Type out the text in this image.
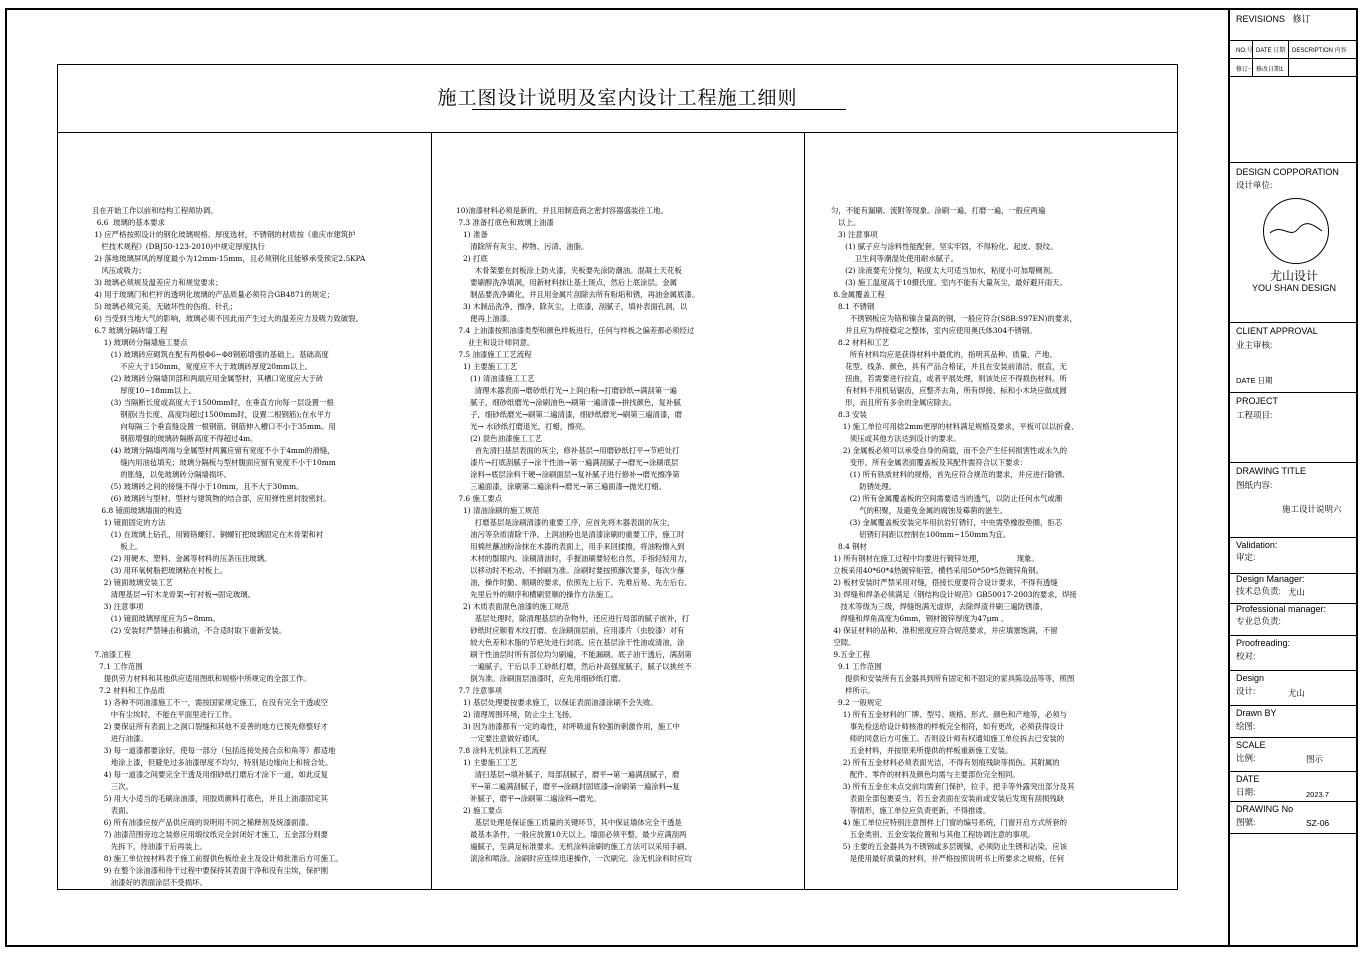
施工图设计说明及室内设计工程施工细则
且在开始工作以前和结构工程师协调。
6.6  玻璃的基本要求
1) 应严格按照设计的钢化玻璃规格、厚度选材，不锈钢的材质按《重庆市建筑护
栏技术规程》(DBJ50-123-2010)中规定厚度执行
2) 落地玻璃屏风的厚度最小为12mm-15mm，且必须钢化且能够承受预定2.5KPA
风压或吸力；
3) 玻璃必须规及温差应力和规觉要求；
4) 用于玻璃门和栏杆的透明化玻璃的产品质量必须符合GB4871的规定；
5) 玻璃必须完美，无破坏性的伤痕、针孔；
6) 当受到当地大气的影响，玻璃必须不因此而产生过大的温差应力及吸力致破裂。
6.7 玻璃分隔砖墙工程
1) 玻璃砖分隔墙施工要点
(1) 玻璃砖应砌筑在配有两根Φ6~Φ8钢筋增强的基础上。基础高度
不应大于150mm，宽度应不大于玻璃砖厚度20mm以上。
(2) 玻璃砖分隔墙顶部和两端应用金属型材，其槽口宽度应大于砖
厚度10~18mm以上。
(3) 当隔断长度或高度大于1500mm时，在垂直方向每一层设置一根
钢筋(当长度、高度均超过1500mm时，设置二根钢筋);在水平方
向每隔三个垂直缝设置一根钢筋。钢筋伸入槽口不小于35mm。用
钢筋增强的玻璃砖隔断高度不得超过4m。
(4) 玻璃分隔墙两端与金属型材两翼应留有宽度不小于4mm的滑缝，
缝内用油毡填充；玻璃分隔板与型材腹面应留有宽度不小于10mm
的胀缝，以免玻璃砖分隔墙损坏。
(5) 玻璃砖之间的接缝不得小于10mm，且不大于30mm。
(6) 玻璃砖与型材、型材与建筑物的结合部，应用弹性密封胶密封。
6.8 镜面玻璃墙面的构造
1) 镜面固定的方法
(1) 在玻璃上钻孔，用镀铬螺钉、铜螺钉把玻璃固定在木骨架和衬
板上。
(2) 用硬木、塑料、金属等材料的压条压住玻璃。
(3) 用环氧树脂把玻璃粘在衬板上。
2) 镜面玻璃安装工艺
清理基层→钉木龙骨架→钉衬板→固定玻璃。
3) 注意事项
(1) 镜面玻璃厚度应为5~8mm。
(2) 安装时严禁锤击和撬动，不合适时取下重新安装。

7.油漆工程
7.1 工作范围
提供劳力材料和其他供应适用图纸和规格中所规定的全部工作。
7.2 材料和工作品质
1) 各种不同油漆施工不一，需按国家规定施工，在没有完全干透或空
中有尘埃时，不能在平面里进行工作。
2) 要保证所有表面上之洞口裂缝和其他不妥善的地方已预先修整好才
进行油漆。
3) 每一道漆都要涂好，使每一部分（包括连接处接合点和角等）都适地
地涂上漆，但避免过多油漆厚度不均匀，特别是边缘向上和接合处。
4) 每一道漆之间要完全干透及用细砂纸打磨后才涂下一道，如此反复
三次。
5) 用大小适当的毛刷涂油漆，用胶质颜料打底色，并且上油漆固定其
表面。
6) 所有油漆应按产品供应商的说明用不同之稀释剂及统漆面漆。
7) 油漆范围旁边之装修应用缎纹纸完全封闭好才施工，五金部分则要
先拆下，待油漆干后再装上。
8) 施工单位按材料表于施工前提供色板给业主及设计师批准后方可施工。
9) 在整个涂油漆和待干过程中要保持其表面干净和没有尘埃，保护刚
油漆好的表面涂层不受损坏。
10)油漆材料必须是新的，并且用制造商之密封容器盛装往工地。
7.3 准备打底色和玻璃上油漆
1) 准备
清除所有灰尘、秽物、污渍、油脂。
2) 打底
木骨架要在封板涂上防火漆，夹板要先涂防潮油。混凝土天花板
要刷醇洗净填洞，用新材料抹让基土斑点，然后上底涂层。金属
制品要洗净磷化，并且用金属片刮除去所有粉垢和锈，再油金属底漆。
3) 木制品洗净，擦净，除灰尘，上底漆，刮腻子，填补表面孔洞，以
便再上油漆。
7.4 上油漆按照油漆类型和颜色样板进行，任何与样板之偏差都必须经过
业主和设计师同意。
7.5 油漆施工工艺流程
1) 主要施工工艺
(1) 清油漆施工工艺
清理木器表面→磨砂纸打光→上润白粉→打磨砂纸→满刮第一遍
腻子，细砂纸磨光→涂刷油色→刷第一遍清漆→拼找颜色，复补腻
子，细砂纸磨光→刷第二遍清漆，细砂纸磨光→刷第三遍清漆，磨
光→ 水砂纸打磨退光，打蜡，擦亮。
(2) 混色油漆施工工艺
首先清扫基层表面的灰尘，修补基层→用磨砂纸打平→节疤处打
漆片→打底刮腻子→涂干性油→第一遍满刮腻子→磨光→涂刷底层
涂料→底层涂料干硬→涂刷面层→复补腻子进行修补→磨光擦净第
三遍面漆，涂刷第二遍涂料→磨光→第三遍面漆→抛光打蜡。
7.6 施工要点
1) 清油涂刷的施工规范
打磨基层是涂刷清漆的重要工序，应首先将木器表面的灰尘，
油污等杂质清除干净。上润油粉也是清漆涂刷的重要工序，施工时
用棉丝蘸油粉涂抹在木器的表面上，用手来回揉擦，将油粉擦入到
木材的鬃眼内。涂刷清油时，手握油刷要轻松自然，手指轻轻用力，
以移动时不松动、不掉刷为准。涂刷时要按照蘸次要多，每次少蘸
油，操作时勤、顺刷的要求，依照先上后下、先难后易、先左后右、
先里后外的顺序和横刷竖顺的操作方法施工。
2) 木质表面混色油漆的施工规范
基层处理时，除清理基层的杂物外，还应进行局部的腻子嵌补，打
砂纸时应顺着木纹打磨。在涂刷面层前，应用漆片（虫胶漆）对有
较大色差和木脂的节疤处进行封底。应在基层涂干性油或清油，涂
刷干性油层时所有部位均匀刷遍，不能漏刷。底子油干透后，满刮第
一遍腻子，干后以手工砂纸打磨，然后补高强度腻子，腻子以挑丝不
倒为准。涂刷面层油漆时，应先用细砂纸打磨。
7.7 注意事项
1) 基层处理要按要求施工，以保证表面油漆涂刷不会失败。
2) 清理周围环境，防止尘土飞扬。
3) 因为油漆都有一定的毒性，对呼吸道有较强的刺激作用，施工中
一定要注意做好通风。
7.8 涂料无机涂料工艺流程
1) 主要施工工艺
清扫基层→填补腻子，局部刮腻子，磨平→第一遍满刮腻子，磨
平→第二遍满刮腻子，磨平→涂刷封固底漆→涂刷第一遍涂料→复
补腻子，磨平→涂刷第二遍涂料→磨光。
2) 施工要点
基层处理是保证施工质量的关键环节，其中保证墙体完全干透是
最基本条件，一般应放置10天以上。墙面必须平整，最少应满刮两
遍腻子，至满足标准要求。无机涂料涂刷的施工方法可以采用手刷、
滚涂和喷涂。涂刷时应连续迅速操作，一次刷完。涂无机涂料时应均
匀，不能有漏刷、流附等现象。涂刷一遍，打磨一遍，一般应两遍
以上。
3) 注意事项
(1) 腻子应与涂料性能配套，坚实牢固，不得粉化、起皮、裂纹。
卫生间等潮湿处使用耐水腻子。
(2) 涂液要充分搅匀，粘度太大可适当加水，粘度小可加增稠剂。
(3) 施工温度高于10摄氏度。室内不能有大量灰尘，最好避开雨天。
8.金属覆盖工程
8.1 不锈钢
不锈钢板应为铬和镍含量高的钢，一般应符合(S8B:S97EN)的要求，
并且应为焊接稳定之整体，室内应使用奥氏体304不锈钢。
8.2 材料和工艺
所有材料均应是获得材料中最优的，指明其品种、质量、产地、
花型、线条、颜色，具有产品合格证，并且在安装前清洁，抿直，无
扭曲，若需要进行拉直，或者平展处理，则该处应不得损伤材料。所
有材料不用机钻锯齿，应整齐去角，所有焊接、标和小木块应做成圆
形，而且所有多余的金属应除去。
8.3 安装
1) 施工单位可用捻2mm更厚的材料满足规格及要求，平板可以以折叠、
须压或其他方法达到设计的要求。
2) 金属板必须可以承受自身的荷载，而不会产生任何损害性或永久的
变形。所有金属表面覆盖板及其配件需符合以下要求：
(1) 所有铁质材料的规格，首先应符合规范的要求，并应进行除锈、
防锈处理。
(2) 所有金属覆盖板的空间需要适当的透气，以防止任何水气或潮
气的积聚，及避免金属的腐蚀及霉菌的滋生。
(3) 金属覆盖板安装完毕用抗岩钉锈钉，中央需垫橡胶垫圈，拒芯
铝锈钉间距以控制在100mm~150mm为宜。
8.4 钢材
1) 所有钢材在施工过程中均要进行镀锌处理，              现象。
立板采用40*60*4热镀锌矩管，横档采用50*50*5热镀锌角钢。
2) 板材安装时严禁采用对缝，搭接长度要符合设计要求，不得有透缝
3) 焊缝和焊条必须满足《钢结构设计规范》GB50017-2003的要求，焊接
技术等级为三级，焊缝饱满无虚焊，去除焊渣并刷三遍防锈漆，
焊缝和焊角高度为6mm，钢材镀锌厚度为47μm 。
4) 保证材料的品种、准积密度应符合规范要求，并应填塞饱满，不留
空隙。
9.五金工程
9.1 工作范围
提供和安装所有五金器具到所有固定和不固定的家具陈设品等等，照图
样所示。
9.2 一般规定
1) 所有五金材料的厂牌、型号、规格、形式、颜色和产地等，必须与
事先检送给设计师核准的样板完全相符，如有更改，必须获得设计
师的同意后方可施工。否则设计师有权通知施工单位拆去已安装的
五金材料，并按原来所提供的样板重新施工安装。
2) 所有五金材料必须表面光洁，不得有划痕残缺等损伤。其附属的
配件、零件的材料及颜色均需与主要部份完全相同。
3) 所有五金在未点交前均需套门保护，拉手，把手等外露突出部分及其
表面全部包裹妥当，若五金表面在安装前或安装后发现有刮损残缺
等情形，施工单位应负责更新，不得推诿。
4) 施工单位应特别注意图样上门窗的编号系统，门窗开启方式所套的
五金类别、五金安装位置和与其他工程协调注意的事项。
5) 主要的五金器具为不锈钢或多层镀镍，必须防止生锈和沾染，应该
是使用最好质量的材料，并严格按照说明书上所要求之规格，任何
REVISIONS 修订
NO.号 DATE 日期 DESCRIPTION 内容
修订一 修改日期1
DESIGN COPPORATION
设计单位:
尤山设计
YOU SHAN DESIGN
CLIENT APPROVAL
业主审核:
DATE 日期
PROJECT
工程项目:
DRAWING TITLE
图纸内容:
施工设计说明六
Validation:
审定:
Design Manager:
技术总负责: 尤山
Professional manager:
专业总负责:
Proofreading:
校对:
Design
设计:	尤山
Drawn BY
绘图:
SCALE
比例:	图示
DATE
日期:	2023.7
DRAWING No
图號:	SZ-06
